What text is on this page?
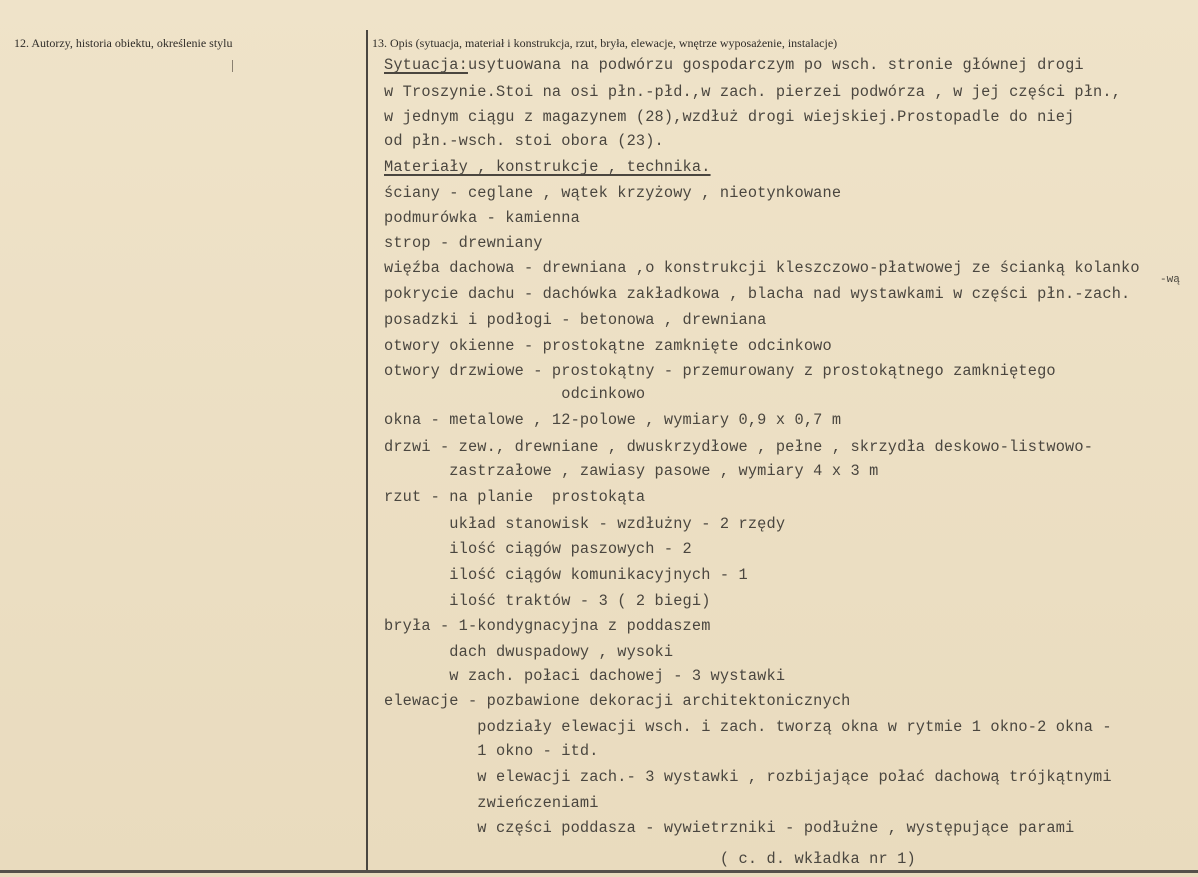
12. Autorzy, historia obiektu, określenie stylu	13. Opis (sytuacja, materiał i konstrukcja, rzut, bryła, elewacje, wnętrze wyposażenie, instalacje)
Sytuacja:usytuowana na podwórzu gospodarczym po wsch. stronie głównej drogi
w Troszynie.Stoi na osi płn.-płd.,w zach. pierzei podwórza , w jej części płn.,
w jednym ciągu z magazynem (28),wzdłuż drogi wiejskiej.Prostopadle do niej
od płn.-wsch. stoi obora (23).
Materiały , konstrukcje , technika.
ściany - ceglane , wątek krzyżowy , nieotynkowane
podmurówka - kamienna
strop - drewniany
więźba dachowa - drewniana ,o konstrukcji kleszczowo-płatwowej ze ścianką kolanko
-wą
pokrycie dachu - dachówka zakładkowa , blacha nad wystawkami w części płn.-zach.
posadzki i podłogi - betonowa , drewniana
otwory okienne - prostokątne zamknięte odcinkowo
otwory drzwiowe - prostokątny - przemurowany z prostokątnego zamkniętego
odcinkowo
okna - metalowe , 12-polowe , wymiary 0,9 x 0,7 m
drzwi - zew., drewniane , dwuskrzydłowe , pełne , skrzydła deskowo-listwowo-
zastrzałowe , zawiasy pasowe , wymiary 4 x 3 m
rzut - na planie  prostokąta
układ stanowisk - wzdłużny - 2 rzędy
ilość ciągów paszowych - 2
ilość ciągów komunikacyjnych - 1
ilość traktów - 3 ( 2 biegi)
bryła - 1-kondygnacyjna z poddaszem
dach dwuspadowy , wysoki
w zach. połaci dachowej - 3 wystawki
elewacje - pozbawione dekoracji architektonicznych
podziały elewacji wsch. i zach. tworzą okna w rytmie 1 okno-2 okna -
1 okno - itd.
w elewacji zach.- 3 wystawki , rozbijające połać dachową trójkątnymi
zwieńczeniami
w części poddasza - wywietrzniki - podłużne , występujące parami
( c. d. wkładka nr 1)
